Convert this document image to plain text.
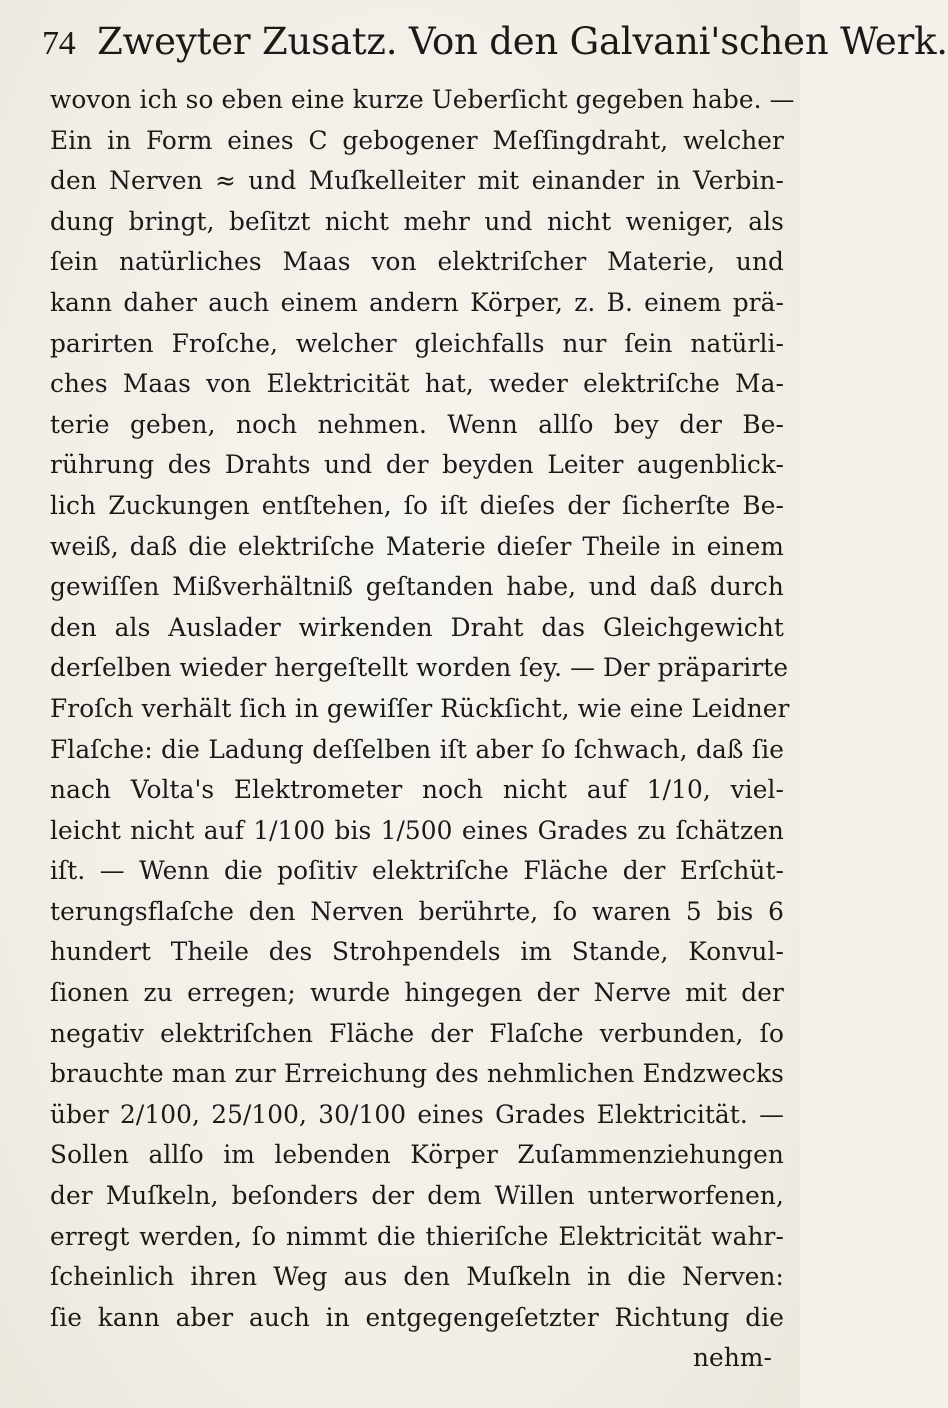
74 Zweyter Zusatz. Von den Galvani'schen Werk.
wovon ich so eben eine kurze Ueberſicht gegeben habe. —
Ein in Form eines C gebogener Meſſingdraht, welcher
den Nerven ≈ und Muſkelleiter mit einander in Verbin-
dung bringt, beſitzt nicht mehr und nicht weniger, als
ſein natürliches Maas von elektriſcher Materie, und
kann daher auch einem andern Körper, z. B. einem prä-
parirten Froſche, welcher gleichfalls nur ſein natürli-
ches Maas von Elektricität hat, weder elektriſche Ma-
terie geben, noch nehmen. Wenn allſo bey der Be-
rührung des Drahts und der beyden Leiter augenblick-
lich Zuckungen entſtehen, ſo iſt dieſes der ſicherſte Be-
weiß, daß die elektriſche Materie dieſer Theile in einem
gewiſſen Mißverhältniß geſtanden habe, und daß durch
den als Auslader wirkenden Draht das Gleichgewicht
derſelben wieder hergeſtellt worden ſey. — Der präparirte
Froſch verhält ſich in gewiſſer Rückſicht, wie eine Leidner
Flaſche: die Ladung deſſelben iſt aber ſo ſchwach, daß ſie
nach Volta's Elektrometer noch nicht auf 1/10, viel-
leicht nicht auf 1/100 bis 1/500 eines Grades zu ſchätzen
iſt. — Wenn die poſitiv elektriſche Fläche der Erſchüt-
terungsflaſche den Nerven berührte, ſo waren 5 bis 6
hundert Theile des Strohpendels im Stande, Konvul-
ſionen zu erregen; wurde hingegen der Nerve mit der
negativ elektriſchen Fläche der Flaſche verbunden, ſo
brauchte man zur Erreichung des nehmlichen Endzwecks
über 2/100, 25/100, 30/100 eines Grades Elektricität. —
Sollen allſo im lebenden Körper Zuſammenziehungen
der Muſkeln, beſonders der dem Willen unterworfenen,
erregt werden, ſo nimmt die thieriſche Elektricität wahr-
ſcheinlich ihren Weg aus den Muſkeln in die Nerven:
ſie kann aber auch in entgegengeſetzter Richtung die
nehm-
